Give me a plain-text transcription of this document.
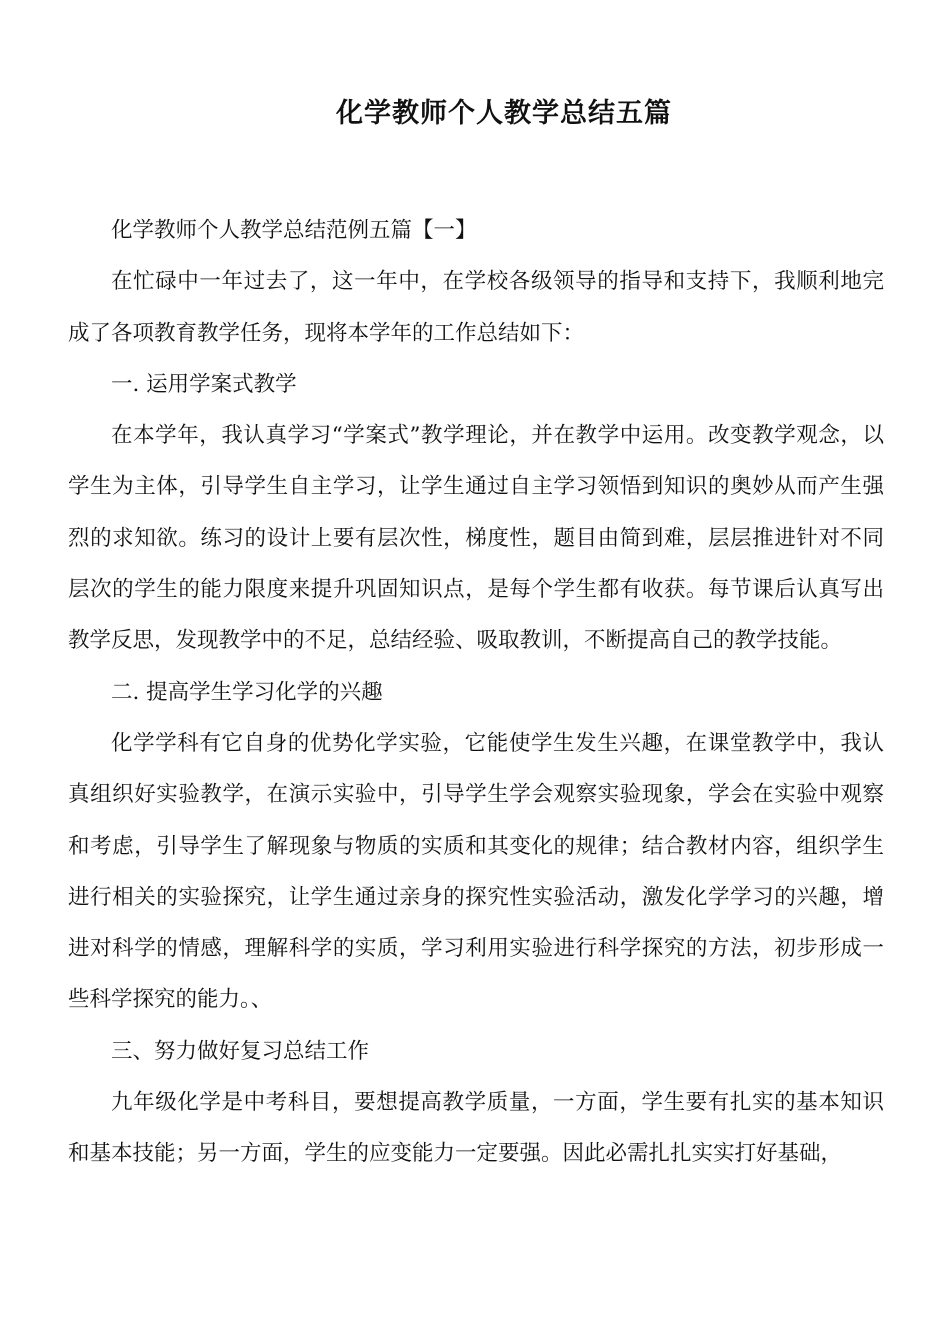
化学教师个人教学总结五篇

化学教师个人教学总结范例五篇【一】

在忙碌中一年过去了，这一年中，在学校各级领导的指导和支持下，我顺利地完成了各项教育教学任务，现将本学年的工作总结如下：

一. 运用学案式教学

在本学年，我认真学习“学案式”教学理论，并在教学中运用。改变教学观念，以学生为主体，引导学生自主学习，让学生通过自主学习领悟到知识的奥妙从而产生强烈的求知欲。练习的设计上要有层次性，梯度性，题目由简到难，层层推进针对不同层次的学生的能力限度来提升巩固知识点，是每个学生都有收获。每节课后认真写出教学反思，发现教学中的不足，总结经验、吸取教训，不断提高自己的教学技能。

二. 提高学生学习化学的兴趣

化学学科有它自身的优势化学实验，它能使学生发生兴趣，在课堂教学中，我认真组织好实验教学，在演示实验中，引导学生学会观察实验现象，学会在实验中观察和考虑，引导学生了解现象与物质的实质和其变化的规律；结合教材内容，组织学生进行相关的实验探究，让学生通过亲身的探究性实验活动，激发化学学习的兴趣，增进对科学的情感，理解科学的实质，学习利用实验进行科学探究的方法，初步形成一些科学探究的能力。、

三、努力做好复习总结工作

九年级化学是中考科目，要想提高教学质量，一方面，学生要有扎实的基本知识和基本技能；另一方面，学生的应变能力一定要强。因此必需扎扎实实打好基础，
